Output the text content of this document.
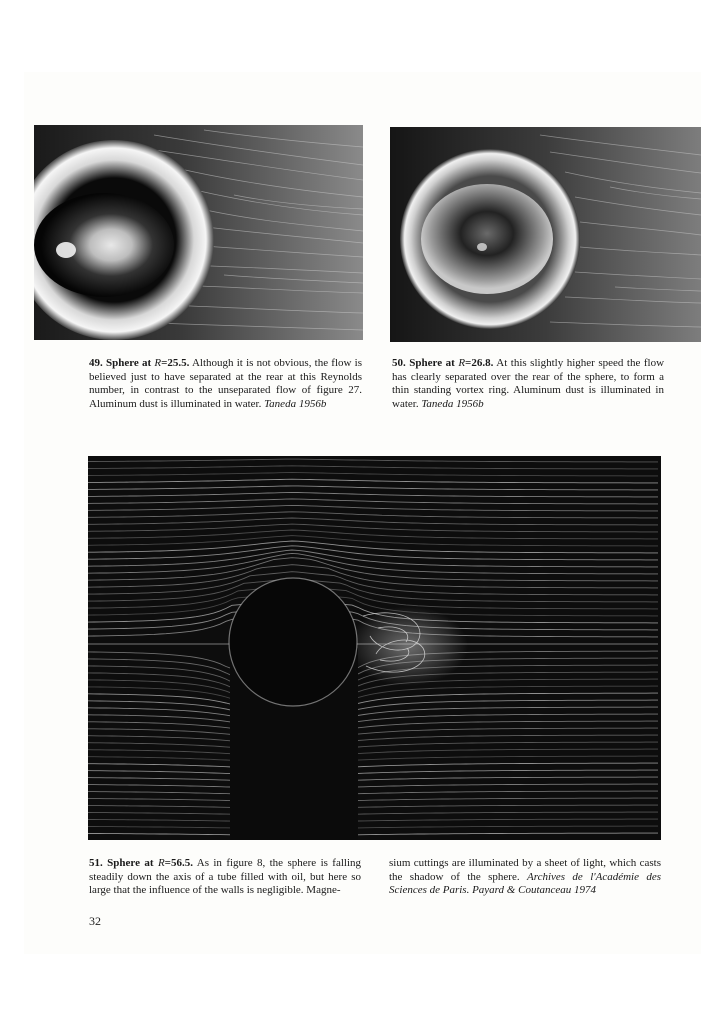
49. Sphere at R=25.5. Although it is not obvious, the flow is believed just to have separated at the rear at this Reynolds number, in contrast to the unseparated flow of figure 27. Aluminum dust is illuminated in water. Taneda 1956b
50. Sphere at R=26.8. At this slightly higher speed the flow has clearly separated over the rear of the sphere, to form a thin standing vortex ring. Aluminum dust is illuminated in water. Taneda 1956b
51. Sphere at R=56.5. As in figure 8, the sphere is falling steadily down the axis of a tube filled with oil, but here so large that the influence of the walls is negligible. Magne-
sium cuttings are illuminated by a sheet of light, which casts the shadow of the sphere. Archives de l'Académie des Sciences de Paris. Payard & Coutanceau 1974
32
